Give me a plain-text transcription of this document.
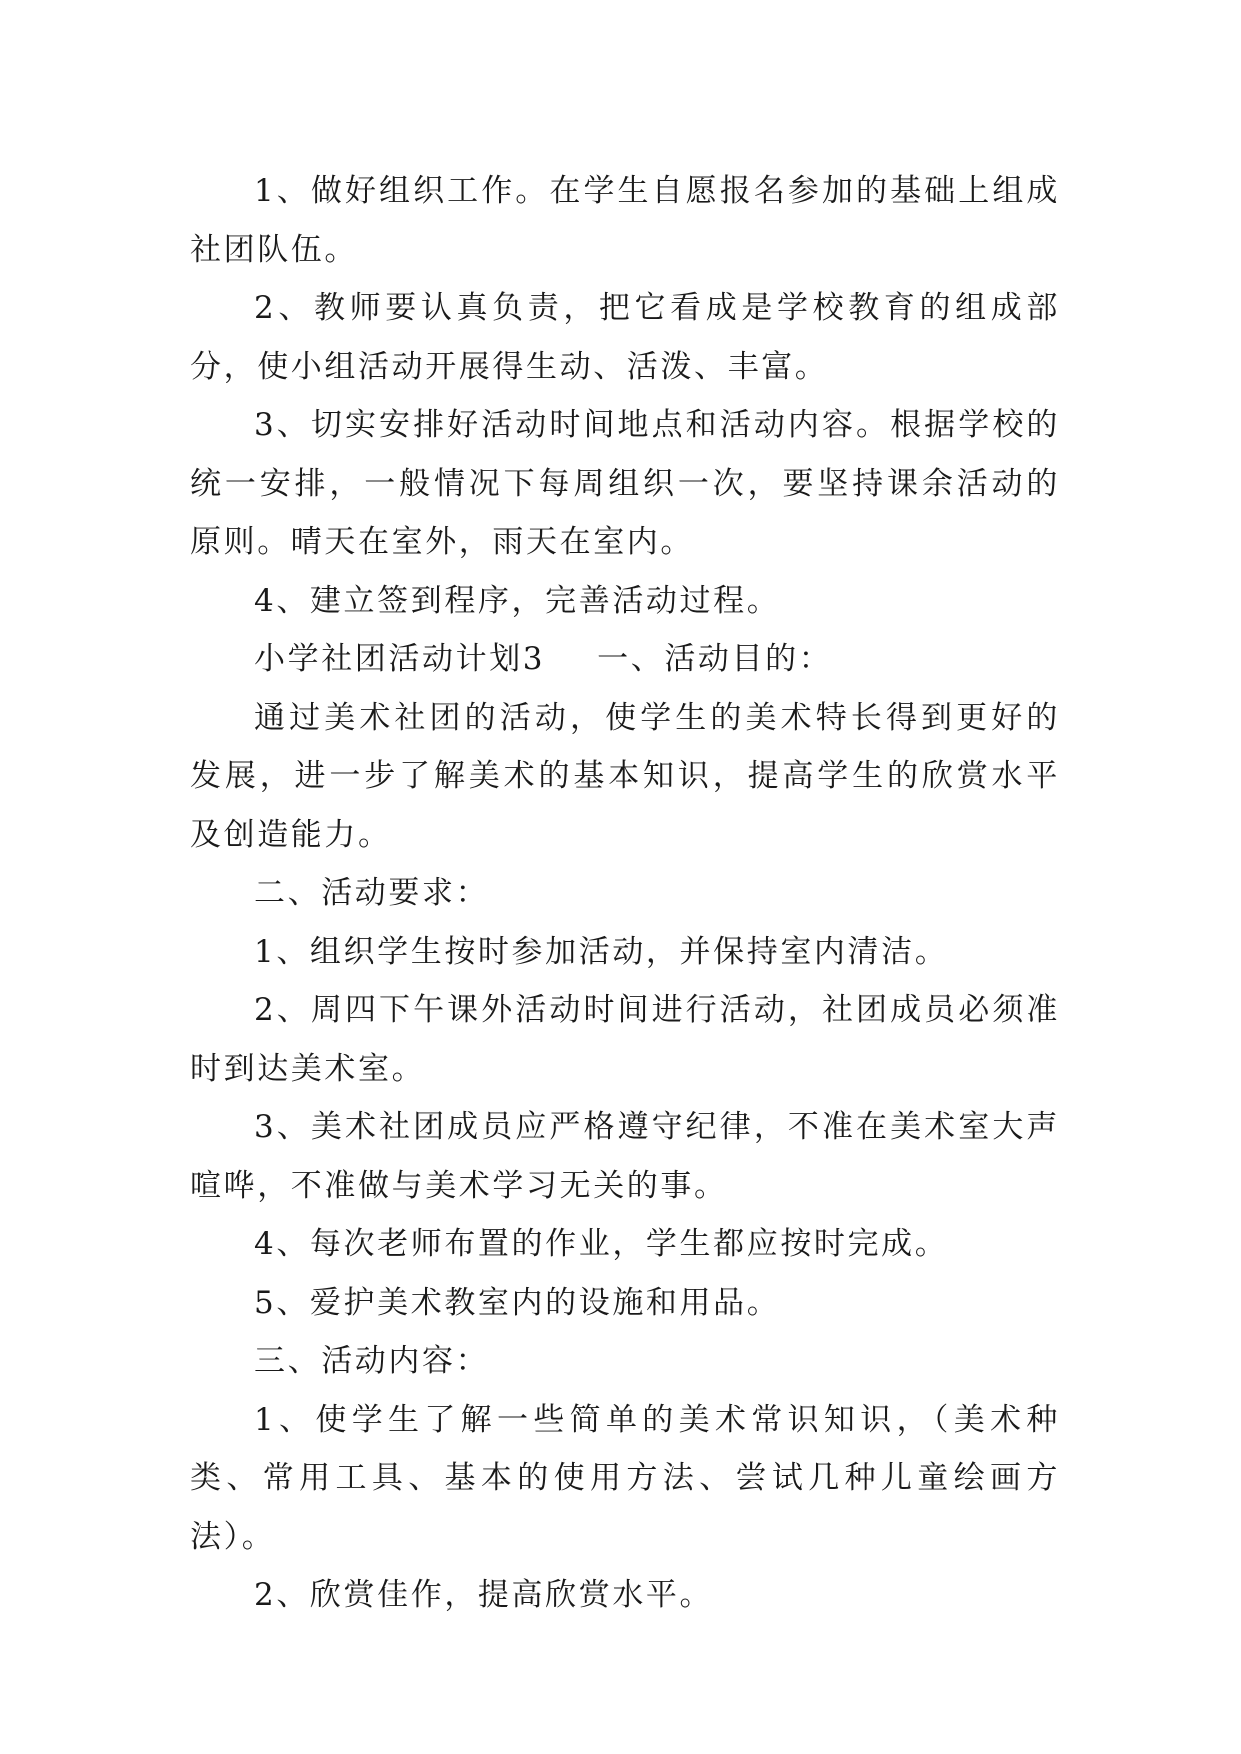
1、做好组织工作。在学生自愿报名参加的基础上组成社团队伍。

2、教师要认真负责，把它看成是学校教育的组成部分，使小组活动开展得生动、活泼、丰富。

3、切实安排好活动时间地点和活动内容。根据学校的统一安排，一般情况下每周组织一次，要坚持课余活动的原则。晴天在室外，雨天在室内。

4、建立签到程序，完善活动过程。

小学社团活动计划3 一、活动目的：

通过美术社团的活动，使学生的美术特长得到更好的发展，进一步了解美术的基本知识，提高学生的欣赏水平及创造能力。

二、活动要求：

1、组织学生按时参加活动，并保持室内清洁。

2、周四下午课外活动时间进行活动，社团成员必须准时到达美术室。

3、美术社团成员应严格遵守纪律，不准在美术室大声喧哗，不准做与美术学习无关的事。

4、每次老师布置的作业，学生都应按时完成。

5、爱护美术教室内的设施和用品。

三、活动内容：

1、使学生了解一些简单的美术常识知识，（美术种类、常用工具、基本的使用方法、尝试几种儿童绘画方法）。

2、欣赏佳作，提高欣赏水平。
